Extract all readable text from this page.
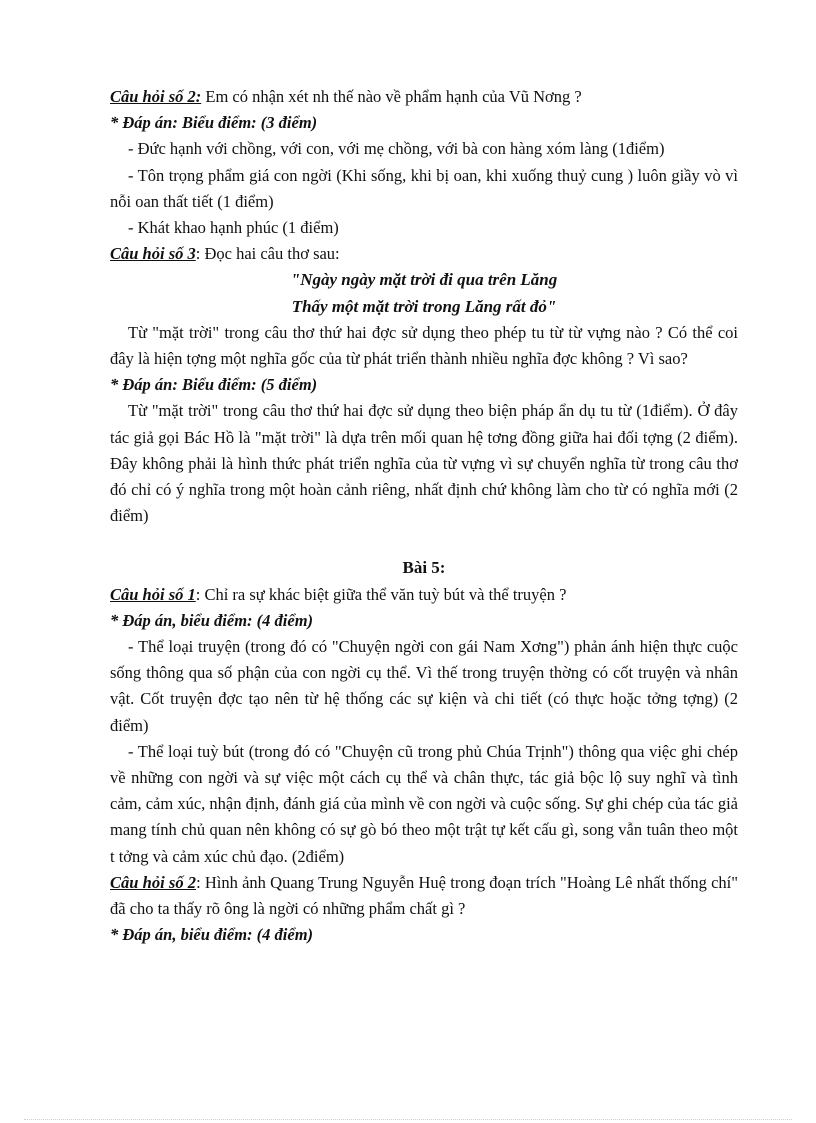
Câu hỏi số 2: Em có nhận xét nh thế nào về phẩm hạnh của Vũ Nơng ?

* Đáp án: Biểu điểm: (3 điểm)

- Đức hạnh với chồng, với con, với mẹ chồng, với bà con hàng xóm làng (1điểm)

- Tôn trọng phẩm giá con ngời (Khi sống, khi bị oan, khi xuống thuỷ cung ) luôn giầy vò vì nỗi oan thất tiết (1 điểm)

- Khát khao hạnh phúc (1 điểm)

Câu hỏi số 3: Đọc hai câu thơ sau:

"Ngày ngày mặt trời đi qua trên Lăng

Thấy một mặt trời trong Lăng rất đỏ"

Từ "mặt trời" trong câu thơ thứ hai đợc sử dụng theo phép tu từ từ vựng nào ? Có thể coi đây là hiện tợng một nghĩa gốc của từ phát triển thành nhiều nghĩa đợc không ? Vì sao?

* Đáp án: Biểu điểm: (5 điểm)

Từ "mặt trời" trong câu thơ thứ hai đợc sử dụng theo biện pháp ẩn dụ tu từ (1điểm). Ở đây tác giả gọi Bác Hồ là "mặt trời" là dựa trên mối quan hệ tơng đồng giữa hai đối tợng (2 điểm). Đây không phải là hình thức phát triển nghĩa của từ vựng vì sự chuyển nghĩa từ trong câu thơ đó chỉ có ý nghĩa trong một hoàn cảnh riêng, nhất định chứ không làm cho từ có nghĩa mới (2 điểm)

Bài 5:

Câu hỏi số 1: Chỉ ra sự khác biệt giữa thể văn tuỳ bút và thể truyện ?

* Đáp án, biểu điểm: (4 điểm)

- Thể loại truyện (trong đó có "Chuyện ngời con gái Nam Xơng") phản ánh hiện thực cuộc sống thông qua số phận của con ngời cụ thể. Vì thế trong truyện thờng có cốt truyện và nhân vật. Cốt truyện đợc tạo nên từ hệ thống các sự kiện và chi tiết (có thực hoặc tởng tợng) (2 điểm)

- Thể loại tuỳ bút (trong đó có "Chuyện cũ trong phủ Chúa Trịnh") thông qua việc ghi chép về những con ngời và sự việc một cách cụ thể và chân thực, tác giả bộc lộ suy nghĩ và tình cảm, cảm xúc, nhận định, đánh giá của mình về con ngời và cuộc sống. Sự ghi chép của tác giả mang tính chủ quan nên không có sự gò bó theo một trật tự kết cấu gì, song vẫn tuân theo một t tởng và cảm xúc chủ đạo. (2điểm)

Câu hỏi số 2: Hình ảnh Quang Trung Nguyễn Huệ trong đoạn trích "Hoàng Lê nhất thống chí" đã cho ta thấy rõ ông là ngời có những phẩm chất gì ?

* Đáp án, biểu điểm: (4 điểm)
